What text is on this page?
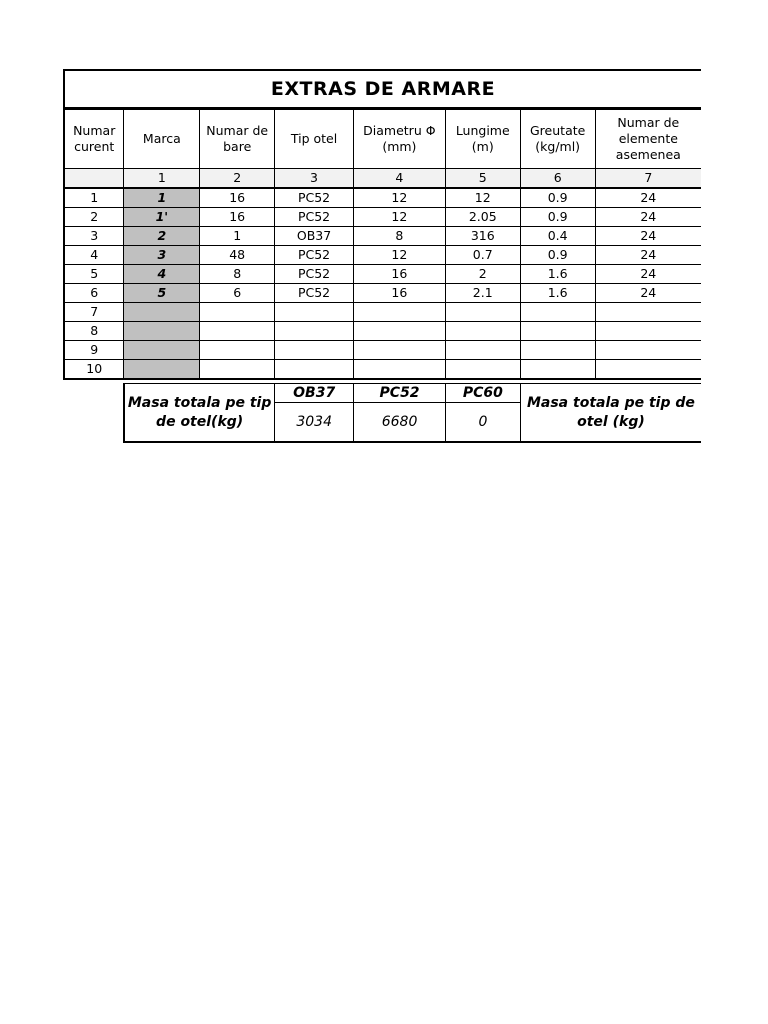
EXTRAS DE ARMARE
Numar curent	Marca	Numar de bare	Tip otel	Diametru Φ (mm)	Lungime (m)	Greutate (kg/ml)	Numar de elemente asemenea
	1	2	3	4	5	6	7
1	1	16	PC52	12	12	0.9	24
2	1'	16	PC52	12	2.05	0.9	24
3	2	1	OB37	8	316	0.4	24
4	3	48	PC52	12	0.7	0.9	24
5	4	8	PC52	16	2	1.6	24
6	5	6	PC52	16	2.1	1.6	24
7							
8							
9							
10							
Masa totala pe tip de otel(kg)	OB37	PC52	PC60	Masa totala pe tip de otel (kg)
	3034	6680	0	
